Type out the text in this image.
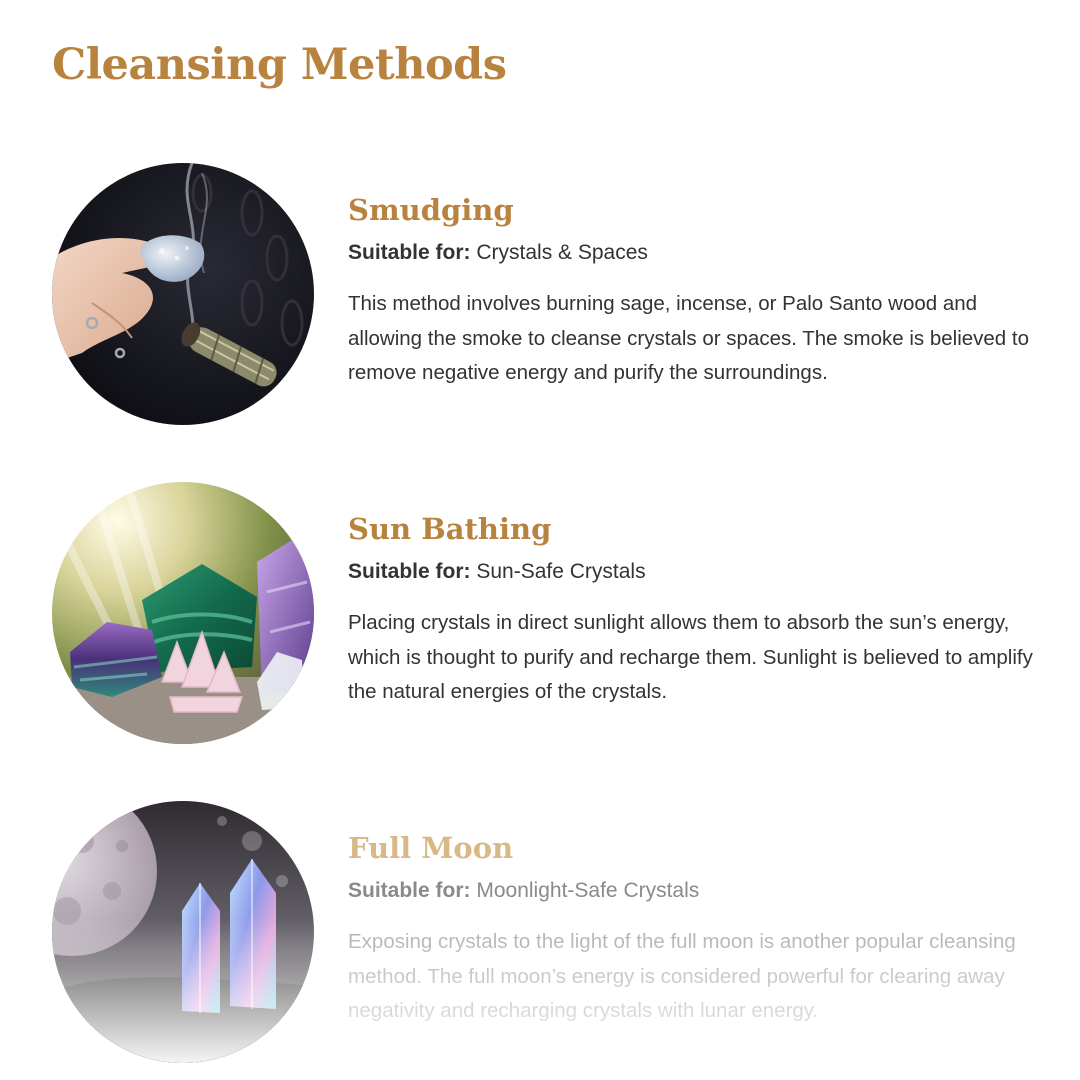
Cleansing Methods
Smudging

Suitable for: Crystals & Spaces

This method involves burning sage, incense, or Palo Santo wood and allowing the smoke to cleanse crystals or spaces. The smoke is believed to remove negative energy and purify the surroundings.

Sun Bathing

Suitable for: Sun-Safe Crystals

Placing crystals in direct sunlight allows them to absorb the sun’s energy, which is thought to purify and recharge them. Sunlight is believed to amplify the natural energies of the crystals.

Full Moon

Suitable for: Moonlight-Safe Crystals

Exposing crystals to the light of the full moon is another popular cleansing method. The full moon’s energy is considered powerful for clearing away negativity and recharging crystals with lunar energy.
